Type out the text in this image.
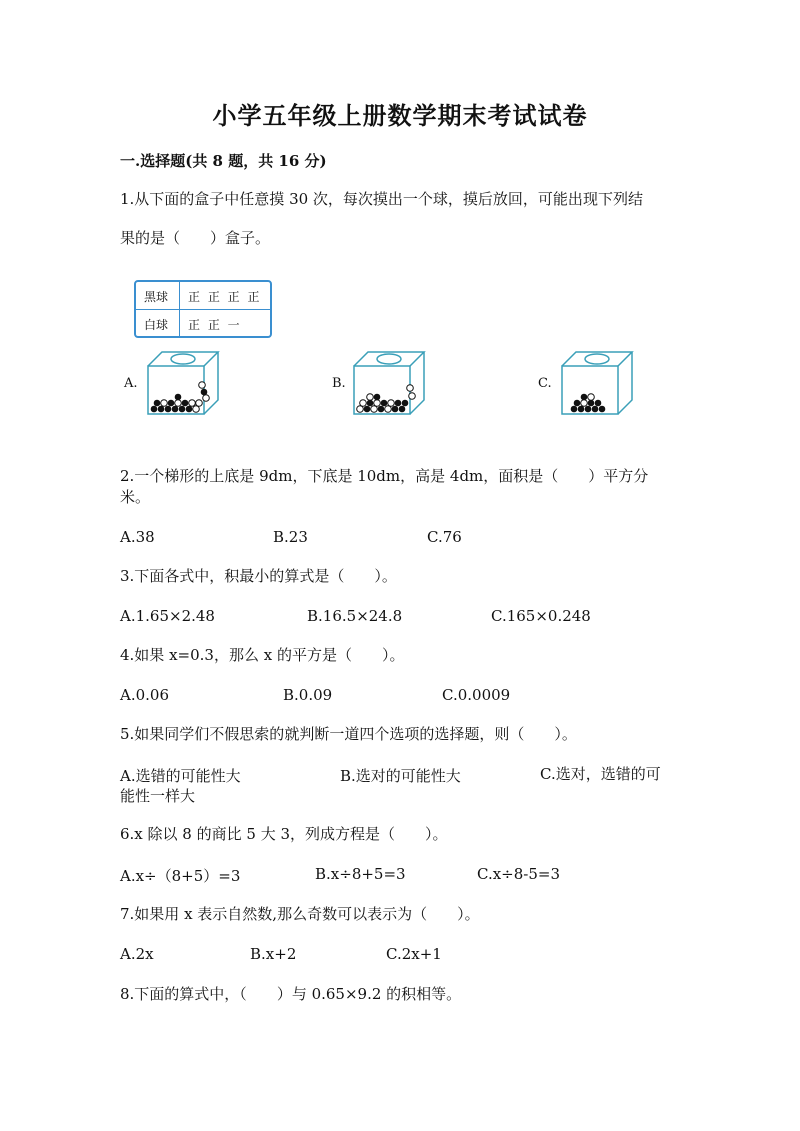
小学五年级上册数学期末考试试卷
一.选择题(共 8 题，共 16 分)
1.从下面的盒子中任意摸 30 次，每次摸出一个球，摸后放回，可能出现下列结
果的是（　　）盒子。
黑球 正 正 正 正
白球 正 正 一
A.	B.	C.
2.一个梯形的上底是 9dm，下底是 10dm，高是 4dm，面积是（　　）平方分
米。
A.38	B.23	C.76
3.下面各式中，积最小的算式是（　　）。
A.1.65×2.48	B.16.5×24.8	C.165×0.248
4.如果 x=0.3，那么 x 的平方是（　　）。
A.0.06	B.0.09	C.0.0009
5.如果同学们不假思索的就判断一道四个选项的选择题，则（　　）。
A.选错的可能性大	B.选对的可能性大	C.选对，选错的可
能性一样大
6.x 除以 8 的商比 5 大 3，列成方程是（　　）。
A.x÷（8+5）=3	B.x÷8+5=3	C.x÷8-5=3
7.如果用 x 表示自然数,那么奇数可以表示为（　　）。
A.2x	B.x+2	C.2x+1
8.下面的算式中，（　　）与 0.65×9.2 的积相等。
